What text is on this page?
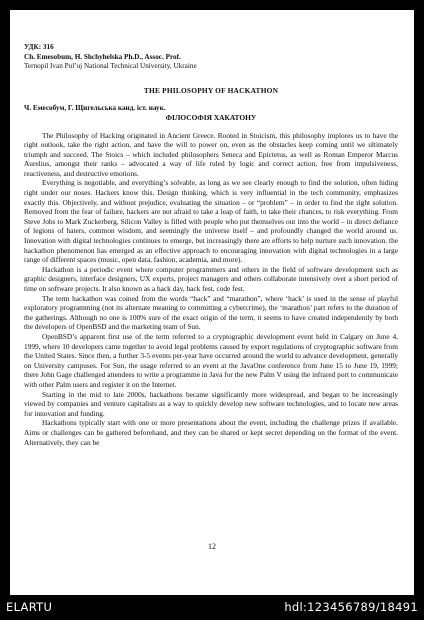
УДК: 316

Ch. Emesobum, H. Shchyhelska Ph.D., Assoc. Prof.

Ternopil Ivan Pul’uj National Technical University, Ukraine

THE PHILOSOPHY OF HACKATHON

Ч. Емесобум, Г. Щигельська канд. іст. наук.

ФІЛОСОФІЯ ХАКАТОНУ

The Philosophy of Hacking originated in Ancient Greece. Rooted in Stoicism, this philosophy implores us to have the right outlook, take the right action, and have the will to power on, even as the obstacles keep coming until we ultimately triumph and succeed. The Stoics – which included philosophers Seneca and Epictetus, as well as Roman Emperor Marcus Aurelius, amongst their ranks – advocated a way of life ruled by logic and correct action, free from impulsiveness, reactiveness, and destructive emotions.

Everything is negotiable, and everything’s solvable, as long as we see clearly enough to find the solution, often hiding right under our noses. Hackers know this. Design thinking, which is very influential in the tech community, emphasizes exactly this. Objectively, and without prejudice, evaluating the situation – or “problem” – in order to find the right solution. Removed from the fear of failure, hackers are not afraid to take a leap of faith, to take their chances, to risk everything. From Steve Jobs to Mark Zuckerberg, Silicon Valley is filled with people who put themselves out into the world – in direct defiance of legions of haters, common wisdom, and seemingly the universe itself – and profoundly changed the world around us. Innovation with digital technologies continues to emerge, but increasingly there are efforts to help nurture such innovation. the hackathon phenomenon has emerged as an effective approach to encouraging innovation with digital technologies in a large range of different spaces (music, open data, fashion, academia, and more).

Hackathon is a periodic event where computer programmers and others in the field of software development such as graphic designers, interface designers, UX experts, project managers and others collaborate intensively over a short period of time on software projects. It also known as a hack day, hack fest, code fest.

The term hackathon was coined from the words “hack” and “marathon”, where ‘hack’ is used in the sense of playful exploratory programming (not its alternate meaning to committing a cybercrime), the ‘marathon’ part refers to the duration of the gatherings. Although no one is 100% sure of the exact origin of the term, it seems to have created independently by both the developers of OpenBSD and the marketing team of Sun.

OpenBSD’s apparent first use of the term referred to a cryptographic development event held in Calgary on June 4, 1999, where 10 developers came together to avoid legal problems caused by export regulations of cryptographic software from the United States. Since then, a further 3-5 events per-year have occurred around the world to advance development, generally on University campuses. For Sun, the usage referred to an event at the JavaOne conference from June 15 to June 19, 1999; there John Gage challenged attendees to write a programme in Java for the new Palm V using the infrared port to communicate with other Palm users and register it on the Internet.

Starting in the mid to late 2000s, hackathons became significantly more widespread, and began to be increasingly viewed by companies and venture capitalists as a way to quickly develop new software technologies, and to locate new areas for innovation and funding.

Hackathons typically start with one or more presentations about the event, including the challenge prizes if available. Aims or challenges can be gathered beforehand, and they can be shared or kept secret depending on the format of the event. Alternatively, they can be

12
ELARTU	hdl:123456789/18491
